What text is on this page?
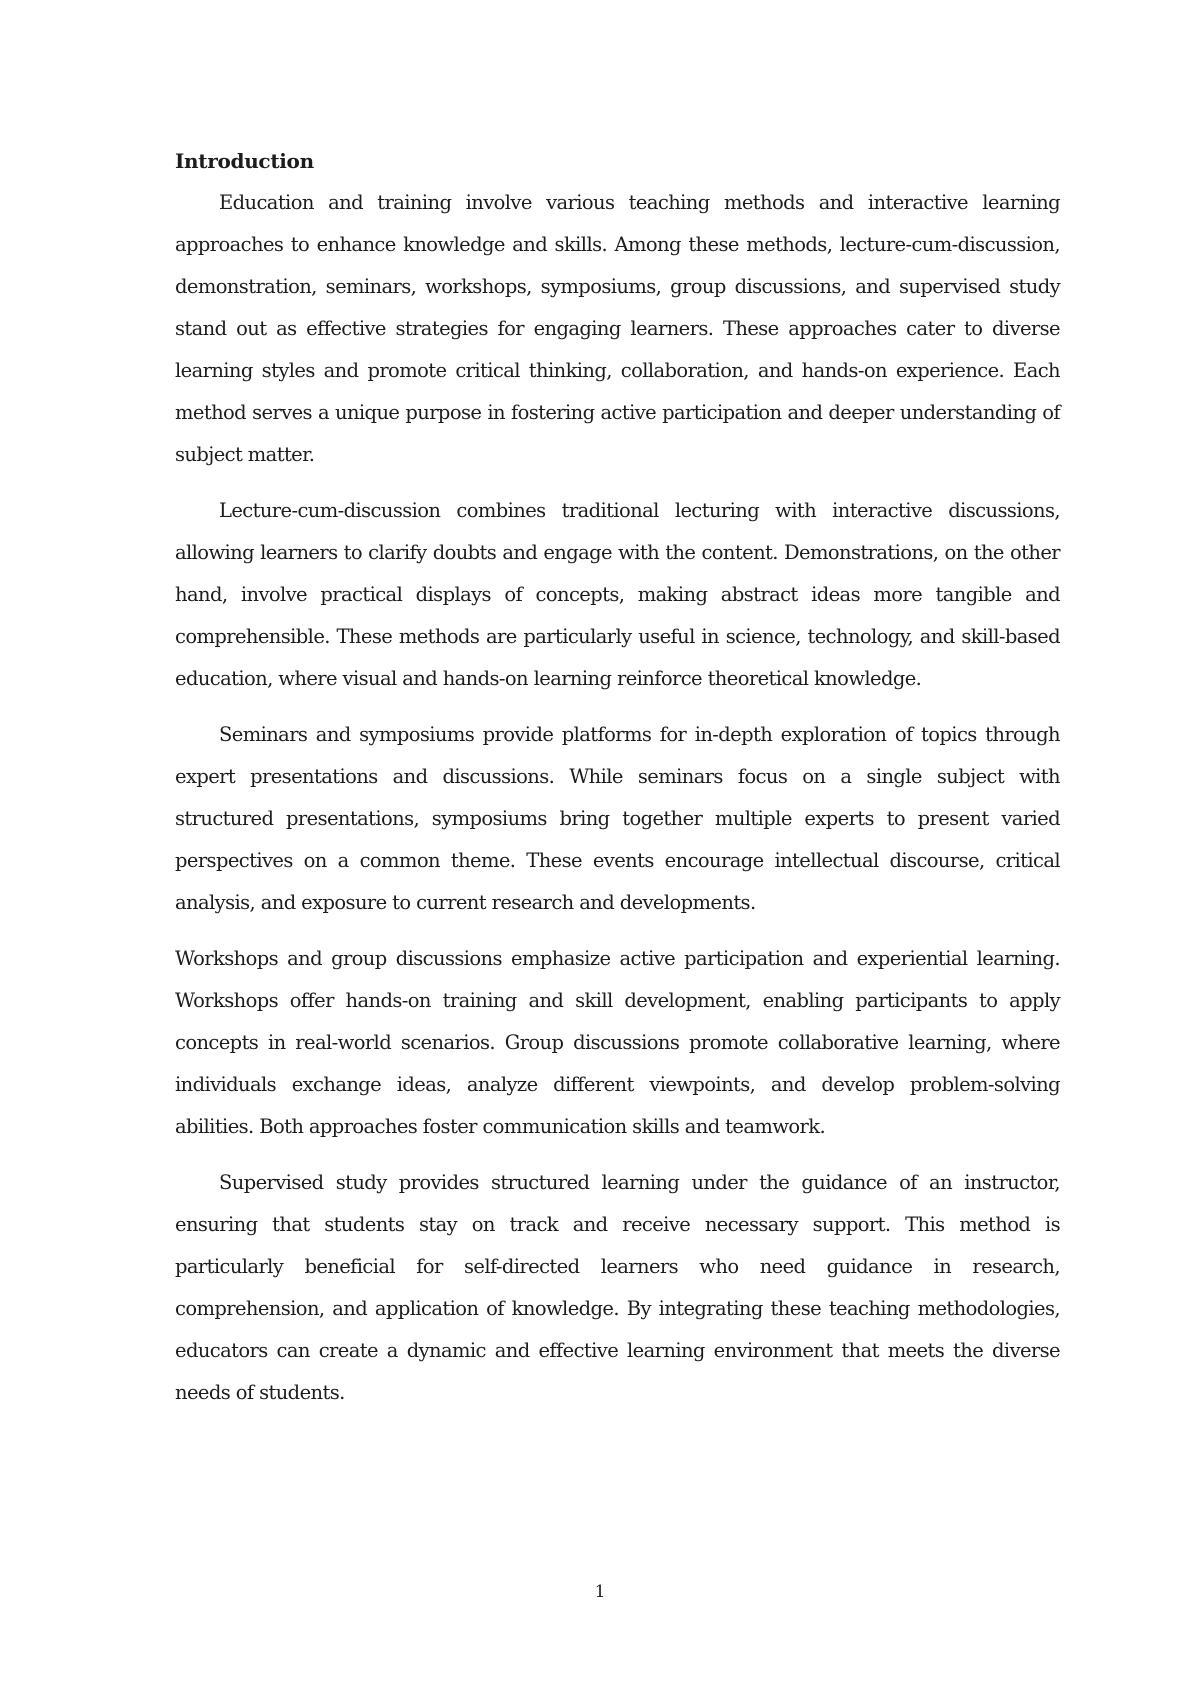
Introduction

Education and training involve various teaching methods and interactive learning approaches to enhance knowledge and skills. Among these methods, lecture-cum-discussion, demonstration, seminars, workshops, symposiums, group discussions, and supervised study stand out as effective strategies for engaging learners. These approaches cater to diverse learning styles and promote critical thinking, collaboration, and hands-on experience. Each method serves a unique purpose in fostering active participation and deeper understanding of subject matter.

Lecture-cum-discussion combines traditional lecturing with interactive discussions, allowing learners to clarify doubts and engage with the content. Demonstrations, on the other hand, involve practical displays of concepts, making abstract ideas more tangible and comprehensible. These methods are particularly useful in science, technology, and skill-based education, where visual and hands-on learning reinforce theoretical knowledge.

Seminars and symposiums provide platforms for in-depth exploration of topics through expert presentations and discussions. While seminars focus on a single subject with structured presentations, symposiums bring together multiple experts to present varied perspectives on a common theme. These events encourage intellectual discourse, critical analysis, and exposure to current research and developments.

Workshops and group discussions emphasize active participation and experiential learning. Workshops offer hands-on training and skill development, enabling participants to apply concepts in real-world scenarios. Group discussions promote collaborative learning, where individuals exchange ideas, analyze different viewpoints, and develop problem-solving abilities. Both approaches foster communication skills and teamwork.

Supervised study provides structured learning under the guidance of an instructor, ensuring that students stay on track and receive necessary support. This method is particularly beneficial for self-directed learners who need guidance in research, comprehension, and application of knowledge. By integrating these teaching methodologies, educators can create a dynamic and effective learning environment that meets the diverse needs of students.

1
